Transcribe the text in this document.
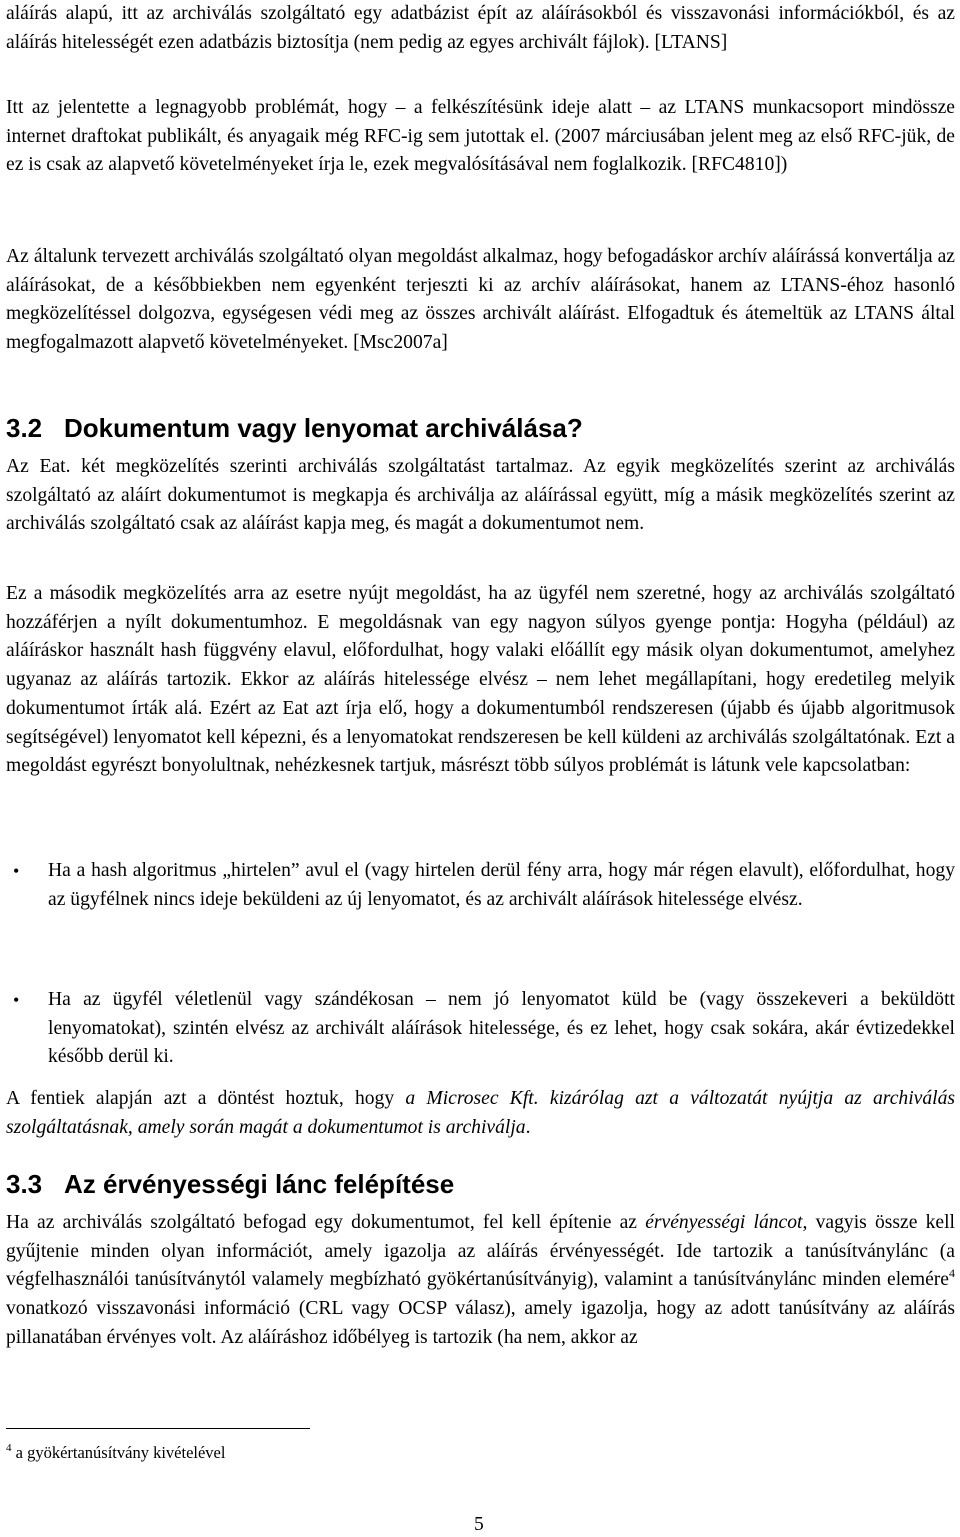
aláírás alapú, itt az archiválás szolgáltató egy adatbázist épít az aláírásokból és visszavonási információkból, és az aláírás hitelességét ezen adatbázis biztosítja (nem pedig az egyes archivált fájlok). [LTANS]

Itt az jelentette a legnagyobb problémát, hogy – a felkészítésünk ideje alatt – az LTANS munkacsoport mindössze internet draftokat publikált, és anyagaik még RFC-ig sem jutottak el. (2007 márciusában jelent meg az első RFC-jük, de ez is csak az alapvető követelményeket írja le, ezek megvalósításával nem foglalkozik. [RFC4810])

Az általunk tervezett archiválás szolgáltató olyan megoldást alkalmaz, hogy befogadáskor archív aláírássá konvertálja az aláírásokat, de a későbbiekben nem egyenként terjeszti ki az archív aláírásokat, hanem az LTANS-éhoz hasonló megközelítéssel dolgozva, egységesen védi meg az összes archivált aláírást. Elfogadtuk és átemeltük az LTANS által megfogalmazott alapvető követelményeket. [Msc2007a]

3.2 Dokumentum vagy lenyomat archiválása?

Az Eat. két megközelítés szerinti archiválás szolgáltatást tartalmaz. Az egyik megközelítés szerint az archiválás szolgáltató az aláírt dokumentumot is megkapja és archiválja az aláírással együtt, míg a másik megközelítés szerint az archiválás szolgáltató csak az aláírást kapja meg, és magát a dokumentumot nem.

Ez a második megközelítés arra az esetre nyújt megoldást, ha az ügyfél nem szeretné, hogy az archiválás szolgáltató hozzáférjen a nyílt dokumentumhoz. E megoldásnak van egy nagyon súlyos gyenge pontja: Hogyha (például) az aláíráskor használt hash függvény elavul, előfordulhat, hogy valaki előállít egy másik olyan dokumentumot, amelyhez ugyanaz az aláírás tartozik. Ekkor az aláírás hitelessége elvész – nem lehet megállapítani, hogy eredetileg melyik dokumentumot írták alá. Ezért az Eat azt írja elő, hogy a dokumentumból rendszeresen (újabb és újabb algoritmusok segítségével) lenyomatot kell képezni, és a lenyomatokat rendszeresen be kell küldeni az archiválás szolgáltatónak. Ezt a megoldást egyrészt bonyolultnak, nehézkesnek tartjuk, másrészt több súlyos problémát is látunk vele kapcsolatban:

• Ha a hash algoritmus „hirtelen” avul el (vagy hirtelen derül fény arra, hogy már régen elavult), előfordulhat, hogy az ügyfélnek nincs ideje beküldeni az új lenyomatot, és az archivált aláírások hitelessége elvész.

• Ha az ügyfél véletlenül vagy szándékosan – nem jó lenyomatot küld be (vagy összekeveri a beküldött lenyomatokat), szintén elvész az archivált aláírások hitelessége, és ez lehet, hogy csak sokára, akár évtizedekkel később derül ki.

A fentiek alapján azt a döntést hoztuk, hogy a Microsec Kft. kizárólag azt a változatát nyújtja az archiválás szolgáltatásnak, amely során magát a dokumentumot is archiválja.

3.3 Az érvényességi lánc felépítése

Ha az archiválás szolgáltató befogad egy dokumentumot, fel kell építenie az érvényességi láncot, vagyis össze kell gyűjtenie minden olyan információt, amely igazolja az aláírás érvényességét. Ide tartozik a tanúsítványlánc (a végfelhasználói tanúsítványtól valamely megbízható gyökértanúsítványig), valamint a tanúsítványlánc minden elemére$^4$ vonatkozó visszavonási információ (CRL vagy OCSP válasz), amely igazolja, hogy az adott tanúsítvány az aláírás pillanatában érvényes volt. Az aláíráshoz időbélyeg is tartozik (ha nem, akkor az

$^4$ a gyökértanúsítvány kivételével
5
